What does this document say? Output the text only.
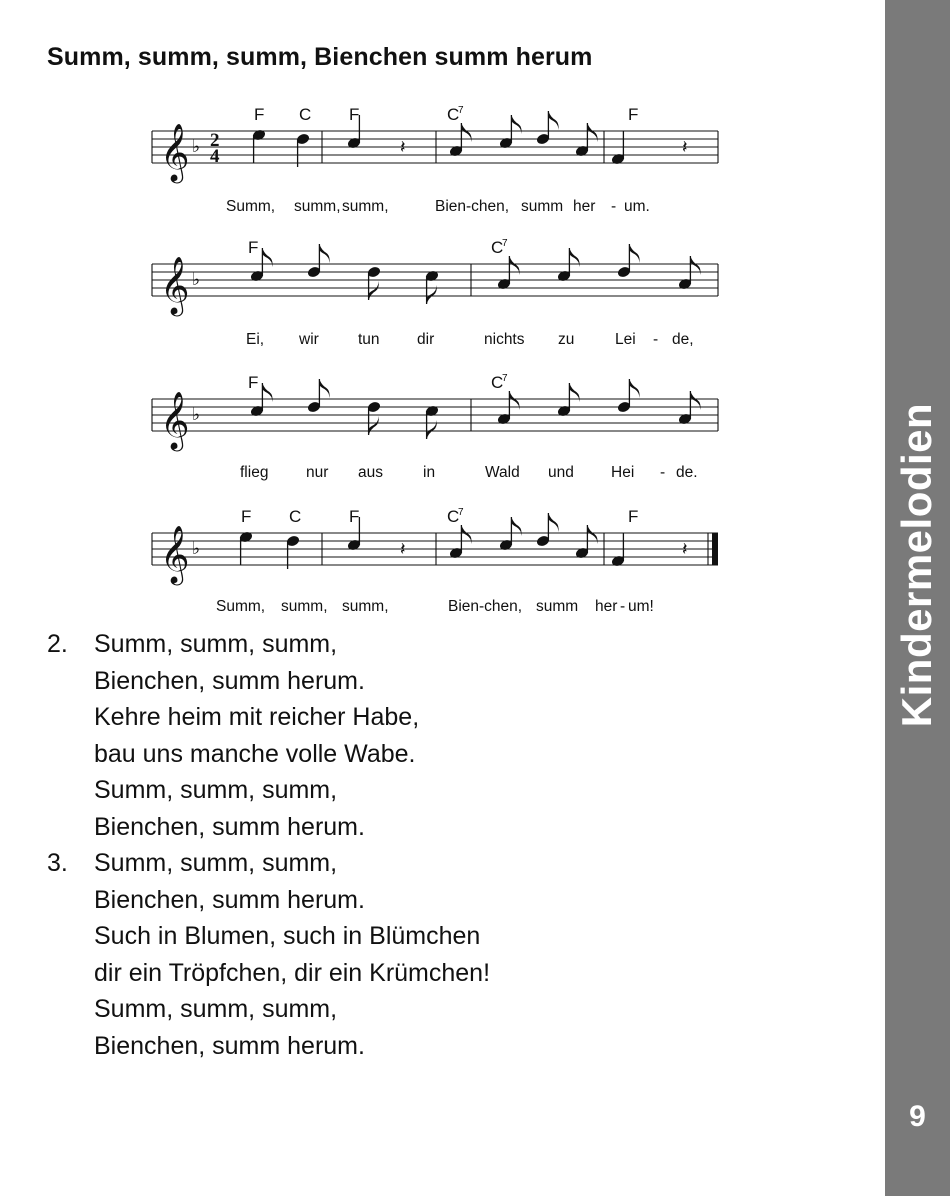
Summ, summ, summ, Bienchen summ herum
𝄞 ♭ 2
4	𝄽	𝄽
F C F	C
7	F
Summ, summ, summ,	Bien-chen, summ her - um.
𝄞 ♭
F	C
7
Ei, wir	tun dir	nichts zu	Lei - de,
𝄞 ♭
F	C
7
flieg nur aus	in	Wald und Hei - de.
𝄞 ♭	𝄽	𝄽
F C	F	C
7	F
Summ, summ, summ,	Bien-chen, summ her - um!
2.	Summ, summ, summ,
Bienchen, summ herum.
Kehre heim mit reicher Habe,
bau uns manche volle Wabe.
Summ, summ, summ,
Bienchen, summ herum.
3.	Summ, summ, summ,
Bienchen, summ herum.
Such in Blumen, such in Blümchen
dir ein Tröpfchen, dir ein Krümchen!
Summ, summ, summ,
Bienchen, summ herum.
Kindermelodien
9
